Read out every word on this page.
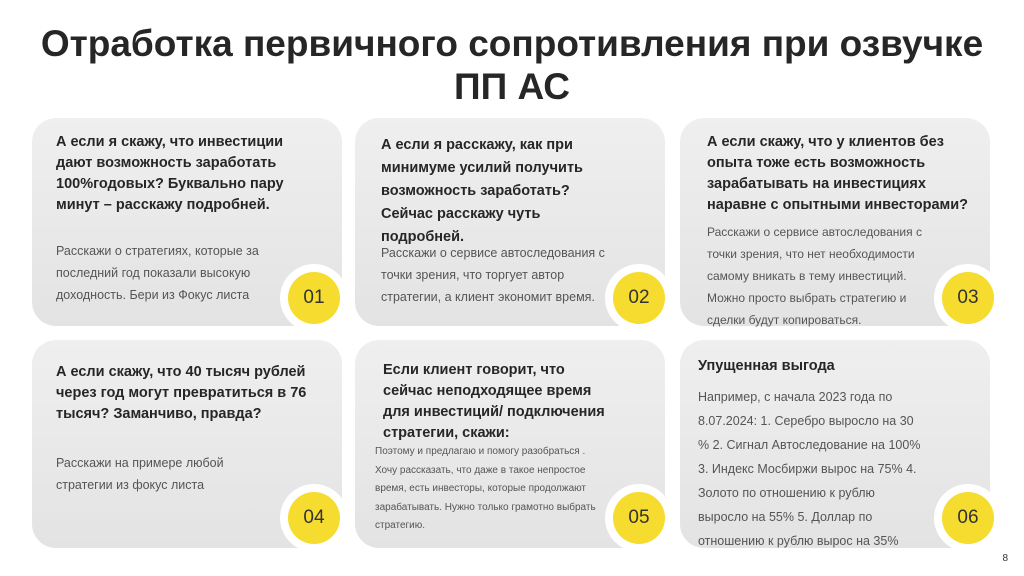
Отработка первичного сопротивления при озвучке
ПП АС
А если я скажу, что инвестиции дают возможность заработать 100%годовых? Буквально пару минут – расскажу подробней.

Расскажи о стратегиях, которые за последний год показали высокую доходность. Бери из Фокус листа	01
А если я расскажу, как при минимуме усилий получить возможность заработать? Сейчас расскажу чуть подробней.

Расскажи о сервисе автоследования с точки зрения, что торгует автор стратегии, а клиент экономит время.	02
А если скажу, что у клиентов без опыта тоже есть возможность зарабатывать на инвестициях наравне с опытными инвесторами?

Расскажи о сервисе автоследования с точки зрения, что нет необходимости самому вникать в тему инвестиций. Можно просто выбрать стратегию и сделки будут копироваться.

03
А если скажу, что 40 тысяч рублей через год могут превратиться в 76 тысяч? Заманчиво, правда?

Расскажи на примере любой стратегии из фокус листа

04
Если клиент говорит, что сейчас неподходящее время для инвестиций/ подключения стратегии, скажи:

Поэтому и предлагаю и помогу разобраться . Хочу рассказать, что даже в такое непростое время, есть инвесторы, которые продолжают зарабатывать. Нужно только грамотно выбрать стратегию.	05
Упущенная выгода

Например, с начала 2023 года по 8.07.2024: 1. Серебро выросло на 30 % 2. Сигнал Автоследование на 100% 3. Индекс Мосбиржи вырос на 75% 4. Золото по отношению к рублю выросло на 55% 5. Доллар по отношению к рублю вырос на 35%

06
8
